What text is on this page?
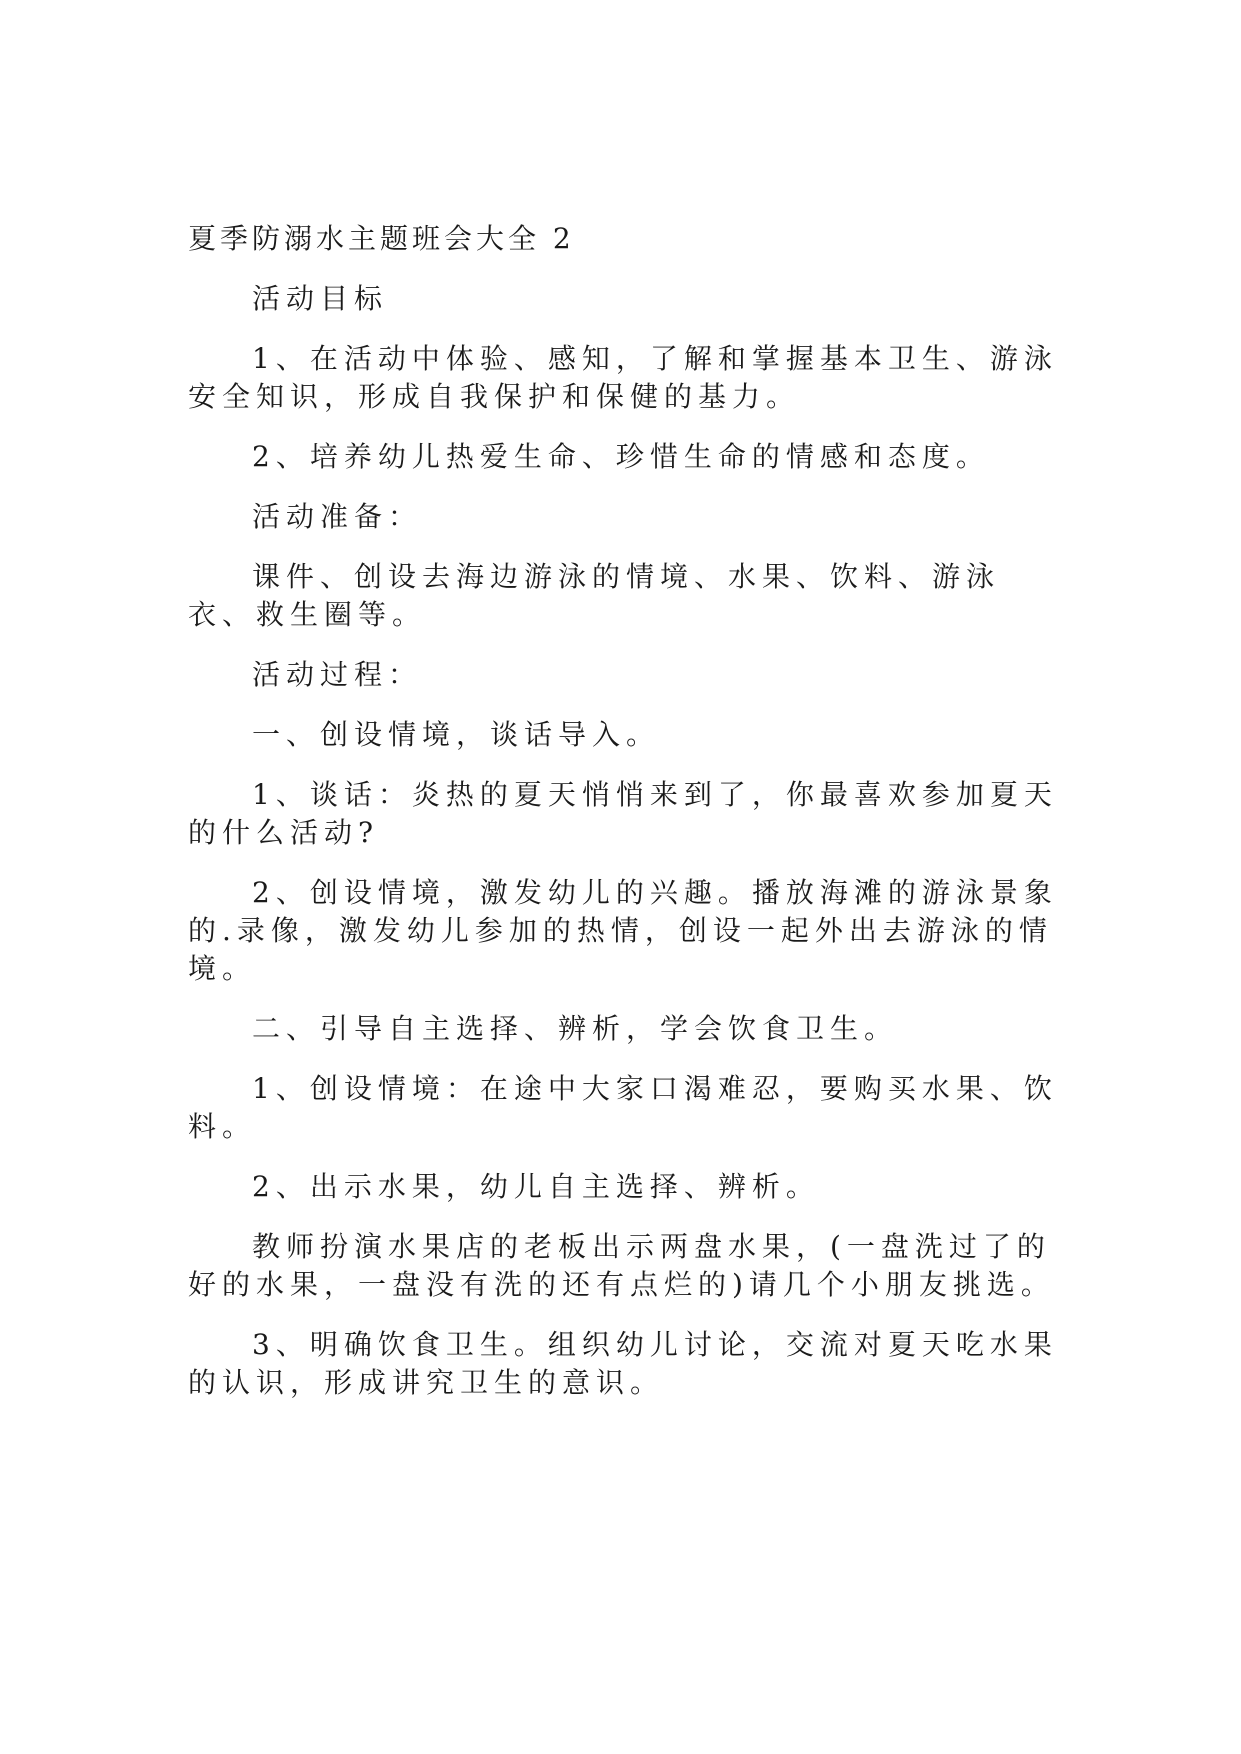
夏季防溺水主题班会大全 2

活动目标

1、在活动中体验、感知，了解和掌握基本卫生、游泳安全知识，形成自我保护和保健的基力。

2、培养幼儿热爱生命、珍惜生命的情感和态度。

活动准备：

课件、创设去海边游泳的情境、水果、饮料、游泳衣、救生圈等。

活动过程：

一、创设情境，谈话导入。

1、谈话：炎热的夏天悄悄来到了，你最喜欢参加夏天的什么活动?

2、创设情境，激发幼儿的兴趣。播放海滩的游泳景象的.录像，激发幼儿参加的热情，创设一起外出去游泳的情境。

二、引导自主选择、辨析，学会饮食卫生。

1、创设情境：在途中大家口渴难忍，要购买水果、饮料。

2、出示水果，幼儿自主选择、辨析。

教师扮演水果店的老板出示两盘水果，(一盘洗过了的好的水果，一盘没有洗的还有点烂的)请几个小朋友挑选。

3、明确饮食卫生。组织幼儿讨论，交流对夏天吃水果的认识，形成讲究卫生的意识。
